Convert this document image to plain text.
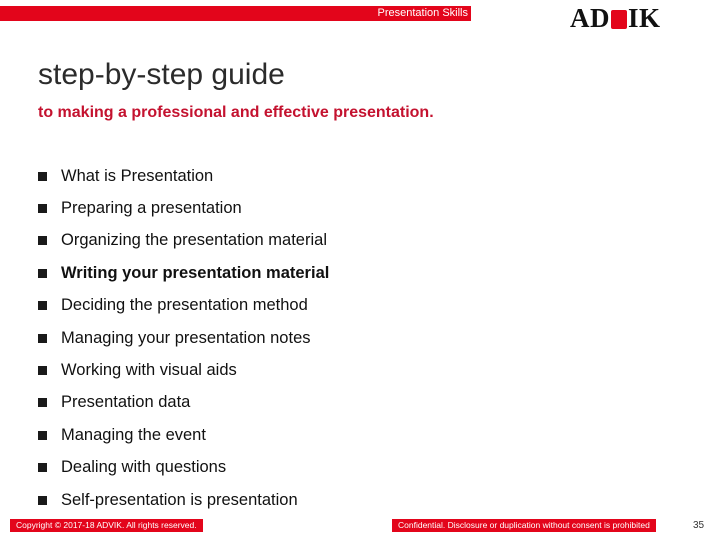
Presentation Skills	AD IK
step-by-step guide
to making a professional and effective presentation.
What is Presentation
Preparing a presentation
Organizing the presentation material
Writing your presentation material
Deciding the presentation method
Managing your presentation notes
Working with visual aids
Presentation data
Managing the event
Dealing with questions
Self-presentation is presentation
Copyright © 2017-18 ADVIK. All rights reserved.	Confidential. Disclosure or duplication without consent is prohibited	35
